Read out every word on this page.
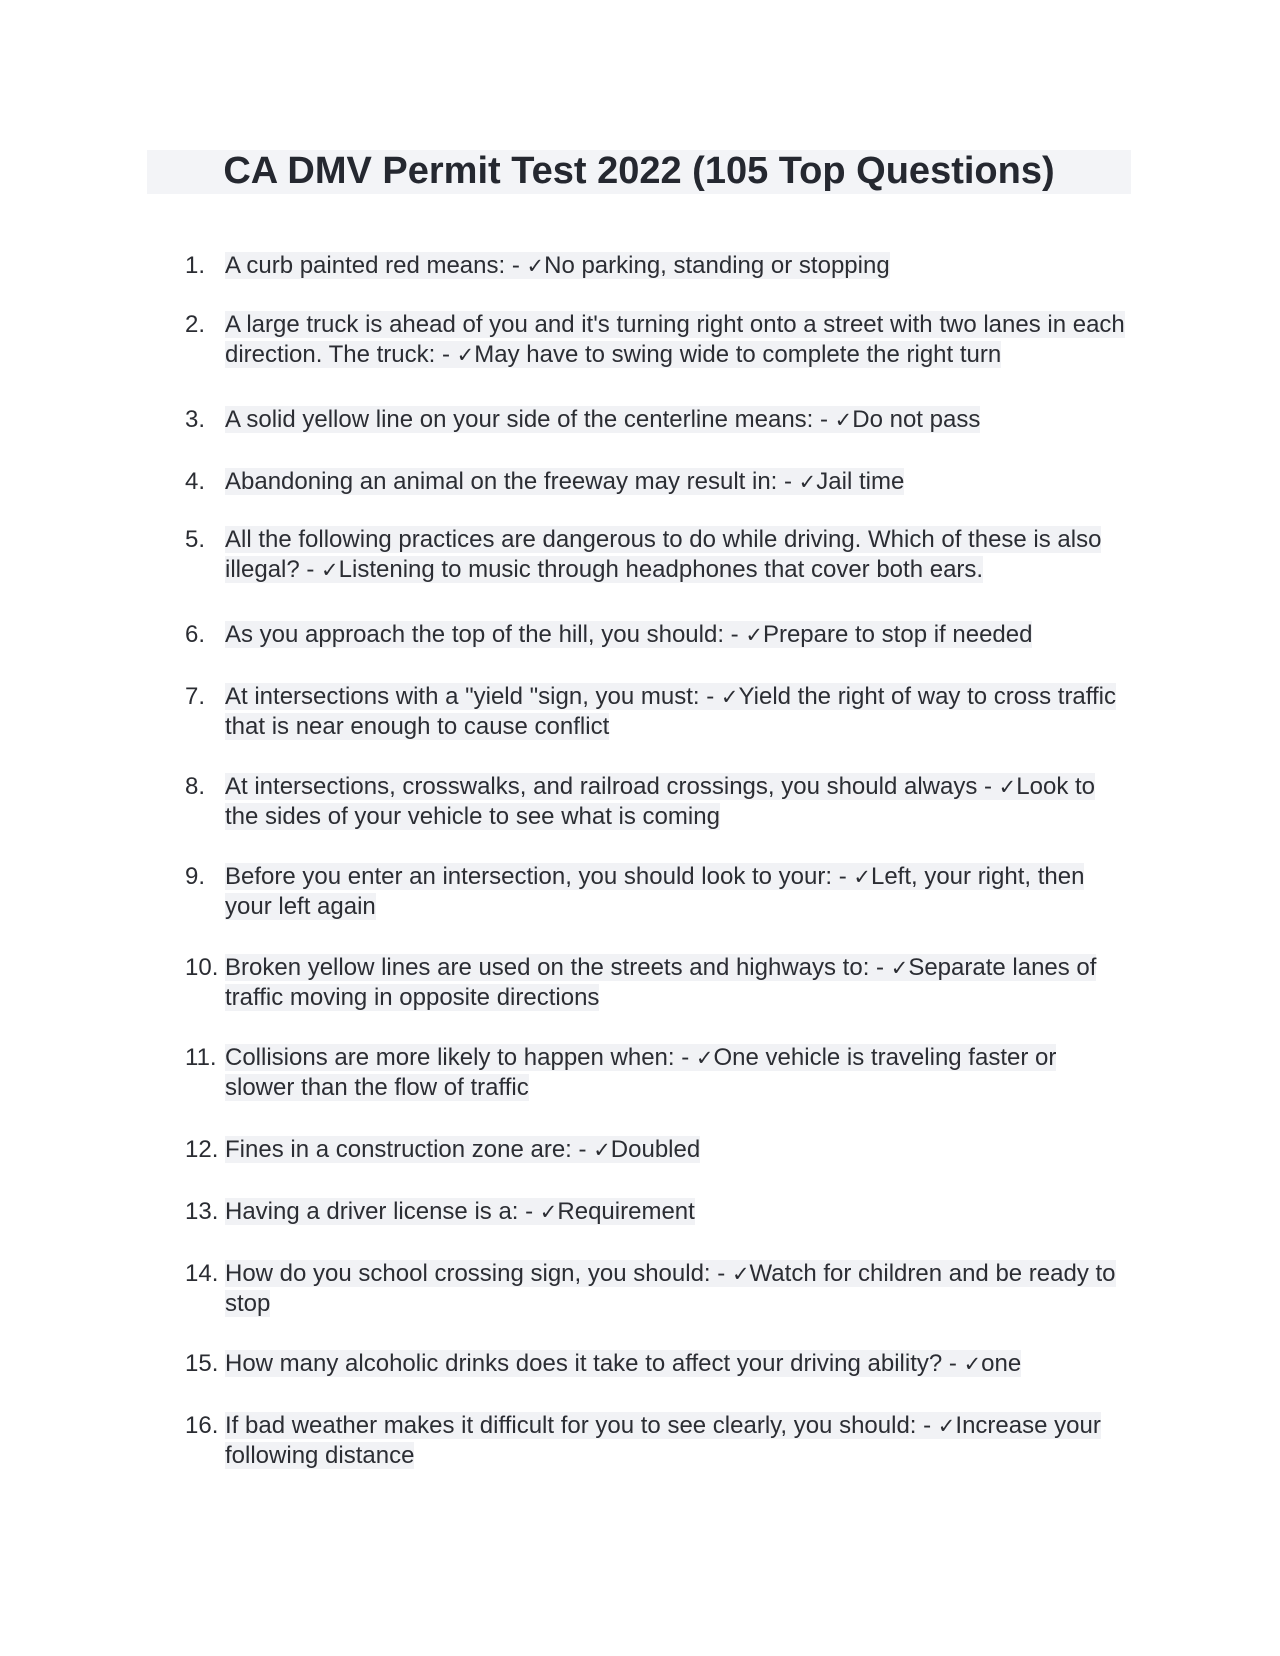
CA DMV Permit Test 2022 (105 Top Questions)
1. A curb painted red means: - ✓No parking, standing or stopping
2. A large truck is ahead of you and it's turning right onto a street with two lanes in each direction. The truck: - ✓May have to swing wide to complete the right turn
3. A solid yellow line on your side of the centerline means: - ✓Do not pass
4. Abandoning an animal on the freeway may result in: - ✓Jail time
5. All the following practices are dangerous to do while driving. Which of these is also illegal? - ✓Listening to music through headphones that cover both ears.
6. As you approach the top of the hill, you should: - ✓Prepare to stop if needed
7. At intersections with a "yield "sign, you must: - ✓Yield the right of way to cross traffic that is near enough to cause conflict
8. At intersections, crosswalks, and railroad crossings, you should always - ✓Look to the sides of your vehicle to see what is coming
9. Before you enter an intersection, you should look to your: - ✓Left, your right, then your left again
10. Broken yellow lines are used on the streets and highways to: - ✓Separate lanes of traffic moving in opposite directions
11. Collisions are more likely to happen when: - ✓One vehicle is traveling faster or slower than the flow of traffic
12. Fines in a construction zone are: - ✓Doubled
13. Having a driver license is a: - ✓Requirement
14. How do you school crossing sign, you should: - ✓Watch for children and be ready to stop
15. How many alcoholic drinks does it take to affect your driving ability? - ✓one
16. If bad weather makes it difficult for you to see clearly, you should: - ✓Increase your following distance
